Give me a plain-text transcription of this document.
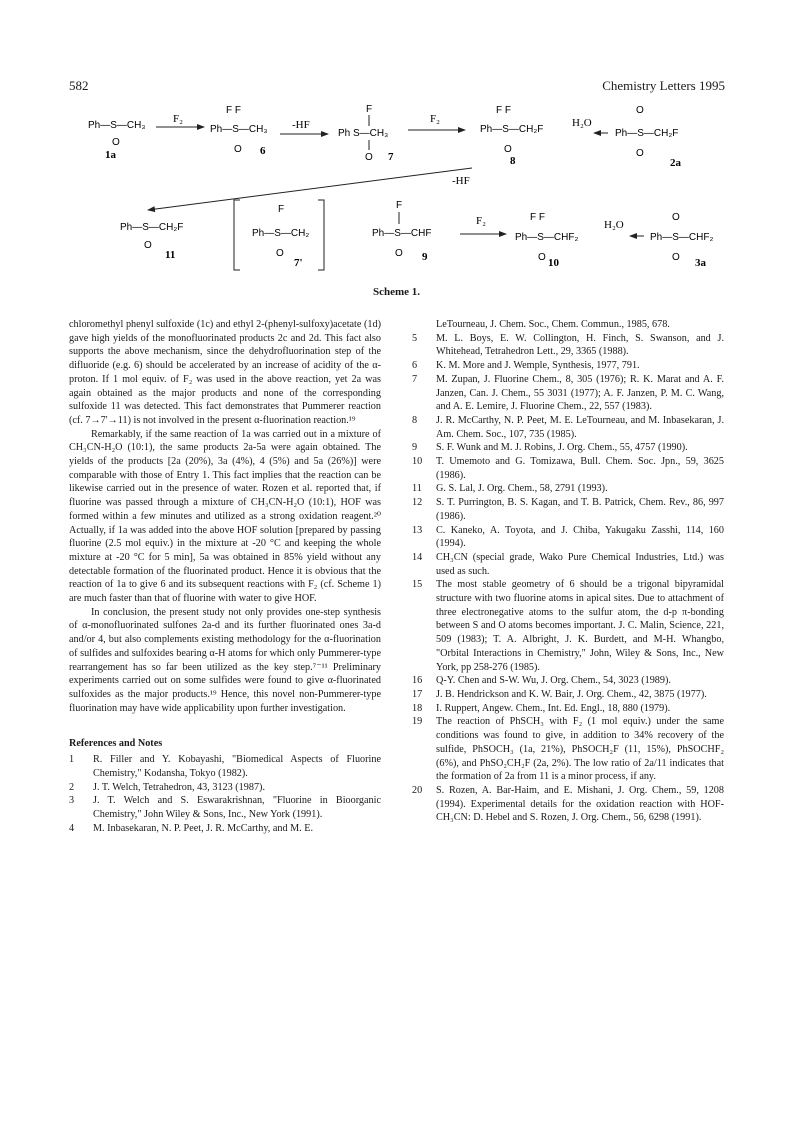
582	Chemistry Letters 1995
Ph—S—CH₃
O
1a
F₂
F F
Ph—S—CH₃
O 6
-HF
F
Ph S—CH₃
O 7
F₂
F F
Ph—S—CH₂F
O
8
H₂O
O
Ph—S—CH₂F
O
2a
-HF
Ph—S—CH₂F
O
11
F
Ph—S—CH₂
O
7'
F
Ph—S—CHF
O 9
F₂	F F
Ph—S—CHF₂
O 10
H₂O
O
Ph—S—CHF₂
O 3a
Scheme 1.

chloromethyl phenyl sulfoxide (1c) and ethyl 2-(phenyl-sulfoxy)acetate (1d) gave high yields of the monofluorinated products 2c and 2d. This fact also supports the above mechanism, since the dehydrofluorination step of the difluoride (e.g. 6) should be accelerated by an increase of acidity of the α-proton. If 1 mol equiv. of F₂ was used in the above reaction, yet 2a was again obtained as the major products and none of the corresponding sulfoxide 11 was detected. This fact demonstrates that Pummerer reaction (cf. 7→7'→11) is not involved in the present α-fluorination reaction.¹⁹

Remarkably, if the same reaction of 1a was carried out in a mixture of CH₃CN-H₂O (10:1), the same products 2a-5a were again obtained. The yields of the products [2a (20%), 3a (4%), 4 (5%) and 5a (26%)] were comparable with those of Entry 1. This fact implies that the reaction can be likewise carried out in the presence of water. Rozen et al. reported that, if fluorine was passed through a mixture of CH₃CN-H₂O (10:1), HOF was formed within a few minutes and utilized as a strong oxidation reagent.²⁰ Actually, if 1a was added into the above HOF solution [prepared by passing fluorine (2.5 mol equiv.) in the mixture at -20 °C and keeping the whole mixture at -20 °C for 5 min], 5a was obtained in 85% yield without any detectable formation of the fluorinated product. Hence it is obvious that the reaction of 1a to give 6 and its subsequent reactions with F₂ (cf. Scheme 1) are much faster than that of fluorine with water to give HOF.

In conclusion, the present study not only provides one-step synthesis of α-monofluorinated sulfones 2a-d and its further fluorinated ones 3a-d and/or 4, but also complements existing methodology for the α-fluorination of sulfides and sulfoxides bearing α-H atoms for which only Pummerer-type rearrangement has so far been utilized as the key step.⁷⁻¹¹ Preliminary experiments carried out on some sulfides were found to give α-fluorinated sulfoxides as the major products.¹⁹ Hence, this novel non-Pummerer-type fluorination may have wide applicability upon further investigation.

References and Notes

1	R. Filler and Y. Kobayashi, "Biomedical Aspects of Fluorine Chemistry," Kodansha, Tokyo (1982).

2	J. T. Welch, Tetrahedron, 43, 3123 (1987).

3	J. T. Welch and S. Eswarakrishnan, "Fluorine in Bioorganic Chemistry," John Wiley & Sons, Inc., New York (1991).

4	M. Inbasekaran, N. P. Peet, J. R. McCarthy, and M. E.

LeTourneau, J. Chem. Soc., Chem. Commun., 1985, 678.

5	M. L. Boys, E. W. Collington, H. Finch, S. Swanson, and J. Whitehead, Tetrahedron Lett., 29, 3365 (1988).

6	K. M. More and J. Wemple, Synthesis, 1977, 791.

7	M. Zupan, J. Fluorine Chem., 8, 305 (1976); R. K. Marat and A. F. Janzen, Can. J. Chem., 55 3031 (1977); A. F. Janzen, P. M. C. Wang, and A. E. Lemire, J. Fluorine Chem., 22, 557 (1983).

8	J. R. McCarthy, N. P. Peet, M. E. LeTourneau, and M. Inbasekaran, J. Am. Chem. Soc., 107, 735 (1985).

9	S. F. Wunk and M. J. Robins, J. Org. Chem., 55, 4757 (1990).

10	T. Umemoto and G. Tomizawa, Bull. Chem. Soc. Jpn., 59, 3625 (1986).

11	G. S. Lal, J. Org. Chem., 58, 2791 (1993).

12	S. T. Purrington, B. S. Kagan, and T. B. Patrick, Chem. Rev., 86, 997 (1986).

13	C. Kaneko, A. Toyota, and J. Chiba, Yakugaku Zasshi, 114, 160 (1994).

14	CH₃CN (special grade, Wako Pure Chemical Industries, Ltd.) was used as such.

15	The most stable geometry of 6 should be a trigonal bipyramidal structure with two fluorine atoms in apical sites. Due to attachment of three electronegative atoms to the sulfur atom, the d-p π-bonding between S and O atoms becomes important. J. C. Malin, Science, 221, 509 (1983); T. A. Albright, J. K. Burdett, and M-H. Whangbo, "Orbital Interactions in Chemistry," John, Wiley & Sons, Inc., New York, pp 258-276 (1985).

16	Q-Y. Chen and S-W. Wu, J. Org. Chem., 54, 3023 (1989).

17	J. B. Hendrickson and K. W. Bair, J. Org. Chem., 42, 3875 (1977).

18	I. Ruppert, Angew. Chem., Int. Ed. Engl., 18, 880 (1979).

19	The reaction of PhSCH₃ with F₂ (1 mol equiv.) under the same conditions was found to give, in addition to 34% recovery of the sulfide, PhSOCH₃ (1a, 21%), PhSOCH₂F (11, 15%), PhSOCHF₂ (6%), and PhSO₂CH₂F (2a, 2%). The low ratio of 2a/11 indicates that the formation of 2a from 11 is a minor process, if any.

20	S. Rozen, A. Bar-Haim, and E. Mishani, J. Org. Chem., 59, 1208 (1994). Experimental details for the oxidation reaction with HOF-CH₃CN: D. Hebel and S. Rozen, J. Org. Chem., 56, 6298 (1991).
